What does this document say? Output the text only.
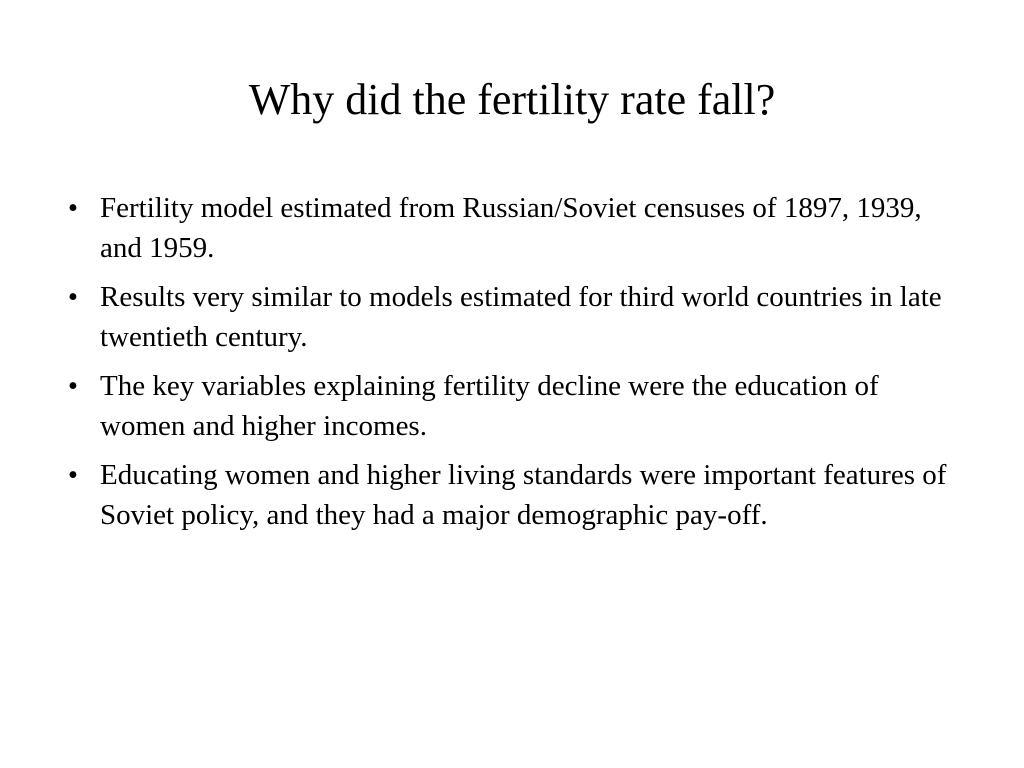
Why did the fertility rate fall?
• Fertility model estimated from Russian/Soviet censuses of 1897, 1939, and 1959.
• Results very similar to models estimated for third world countries in late twentieth century.
• The key variables explaining fertility decline were the education of women and higher incomes.
• Educating women and higher living standards were important features of Soviet policy, and they had a major demographic pay-off.
